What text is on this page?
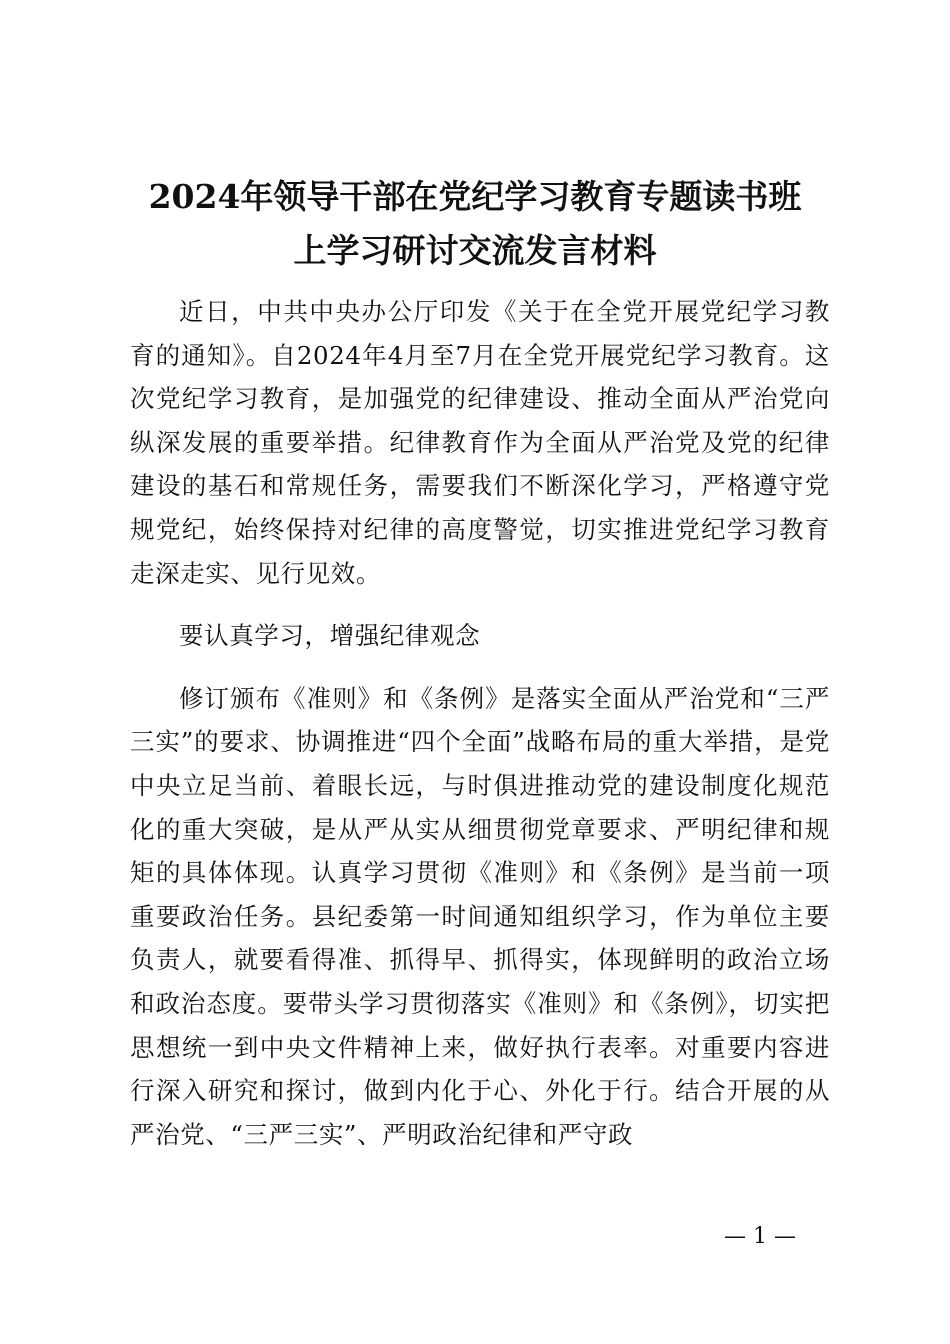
2024年领导干部在党纪学习教育专题读书班
上学习研讨交流发言材料

近日，中共中央办公厅印发《关于在全党开展党纪学习教育的通知》。自2024年4月至7月在全党开展党纪学习教育。这次党纪学习教育，是加强党的纪律建设、推动全面从严治党向纵深发展的重要举措。纪律教育作为全面从严治党及党的纪律建设的基石和常规任务，需要我们不断深化学习，严格遵守党规党纪，始终保持对纪律的高度警觉，切实推进党纪学习教育走深走实、见行见效。

要认真学习，增强纪律观念

修订颁布《准则》和《条例》是落实全面从严治党和“三严三实”的要求、协调推进“四个全面”战略布局的重大举措，是党中央立足当前、着眼长远，与时俱进推动党的建设制度化规范化的重大突破，是从严从实从细贯彻党章要求、严明纪律和规矩的具体体现。认真学习贯彻《准则》和《条例》是当前一项重要政治任务。县纪委第一时间通知组织学习，作为单位主要负责人，就要看得准、抓得早、抓得实，体现鲜明的政治立场和政治态度。要带头学习贯彻落实《准则》和《条例》，切实把思想统一到中央文件精神上来，做好执行表率。对重要内容进行深入研究和探讨，做到内化于心、外化于行。结合开展的从严治党、“三严三实”、严明政治纪律和严守政

— 1 —
